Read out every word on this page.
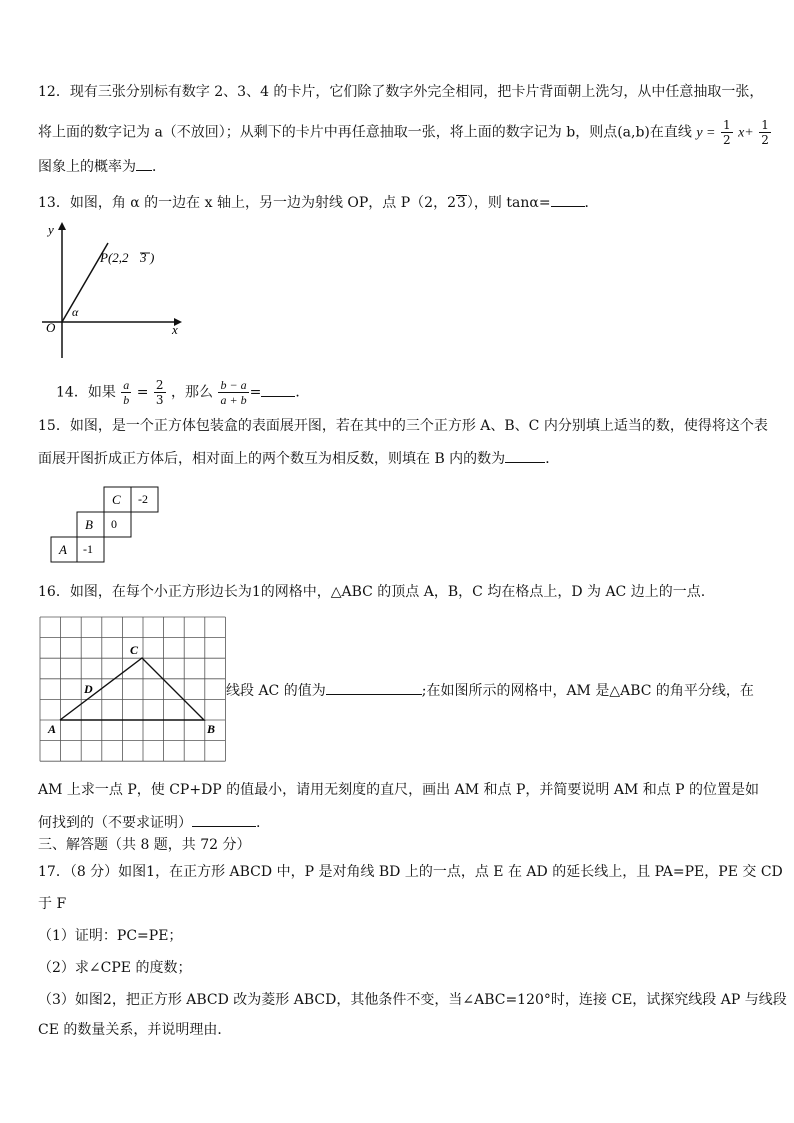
12．现有三张分别标有数字 2、3、4 的卡片，它们除了数字外完全相同，把卡片背面朝上洗匀，从中任意抽取一张，
将上面的数字记为 a（不放回）；从剩下的卡片中再任意抽取一张，将上面的数字记为 b，则点(a,b)在直线 $y = \frac{1}{2} x+ \frac{1}{2}$
图象上的概率为 ．
13．如图，角 α 的一边在 x 轴上，另一边为射线 OP，点 P（2，23），则 tanα= ．
y
x
O
α
P(2,2 3 )
14．如果 $\frac{a}{b} = \frac{2}{3}$ ，那么 $\frac{b - a}{a + b}$ = ．
15．如图，是一个正方体包装盒的表面展开图，若在其中的三个正方形 A、B、C 内分别填上适当的数，使得将这个表
面展开图折成正方体后，相对面上的两个数互为相反数，则填在 B 内的数为	．
C -2
B 0
A -1
16．如图，在每个小正方形边长为1的网格中，△ABC 的顶点 A，B，C 均在格点上，D 为 AC 边上的一点.
A	B
C
D	线段 AC 的值为	;在如图所示的网格中，AM 是△ABC 的角平分线，在
AM 上求一点 P，使 CP+DP 的值最小，请用无刻度的直尺，画出 AM 和点 P，并简要说明 AM 和点 P 的位置是如
何找到的（不要求证明）	.
三、解答题（共 8 题，共 72 分）
17．（8 分）如图1，在正方形 ABCD 中，P 是对角线 BD 上的一点，点 E 在 AD 的延长线上，且 PA=PE，PE 交 CD
于 F
（1）证明：PC=PE；
（2）求∠CPE 的度数；
（3）如图2，把正方形 ABCD 改为菱形 ABCD，其他条件不变，当∠ABC=120°时，连接 CE，试探究线段 AP 与线段
CE 的数量关系，并说明理由．
